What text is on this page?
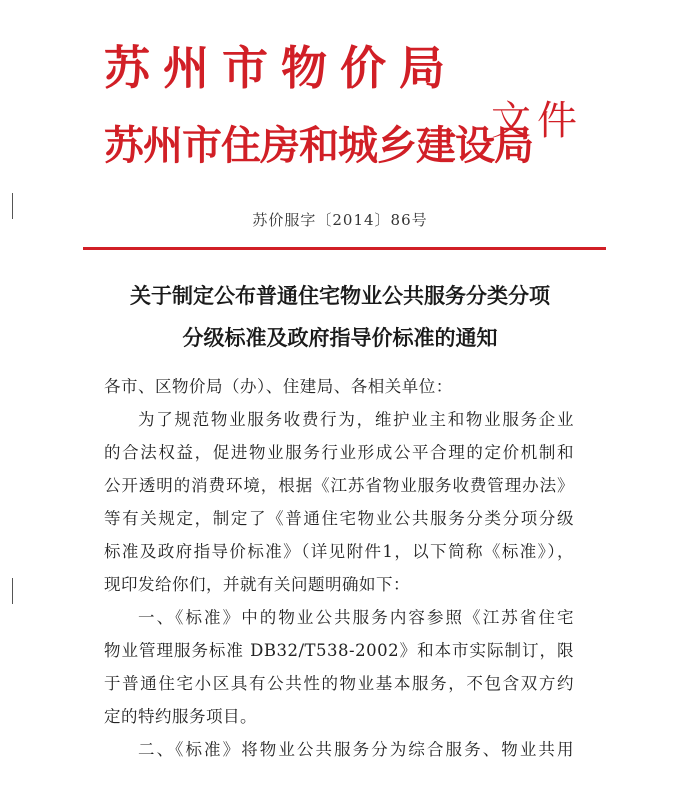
苏州市物价局
苏州市住房和城乡建设局
文件
苏价服字〔2014〕86号
关于制定公布普通住宅物业公共服务分类分项
分级标准及政府指导价标准的通知

各市、区物价局（办）、住建局、各相关单位：

为了规范物业服务收费行为，维护业主和物业服务企业

的合法权益，促进物业服务行业形成公平合理的定价机制和

公开透明的消费环境，根据《江苏省物业服务收费管理办法》

等有关规定，制定了《普通住宅物业公共服务分类分项分级

标准及政府指导价标准》（详见附件1，以下简称《标准》），

现印发给你们，并就有关问题明确如下：

一、《标准》中的物业公共服务内容参照《江苏省住宅

物业管理服务标准 DB32/T538-2002》和本市实际制订，限

于普通住宅小区具有公共性的物业基本服务，不包含双方约

定的特约服务项目。

二、《标准》将物业公共服务分为综合服务、物业共用
